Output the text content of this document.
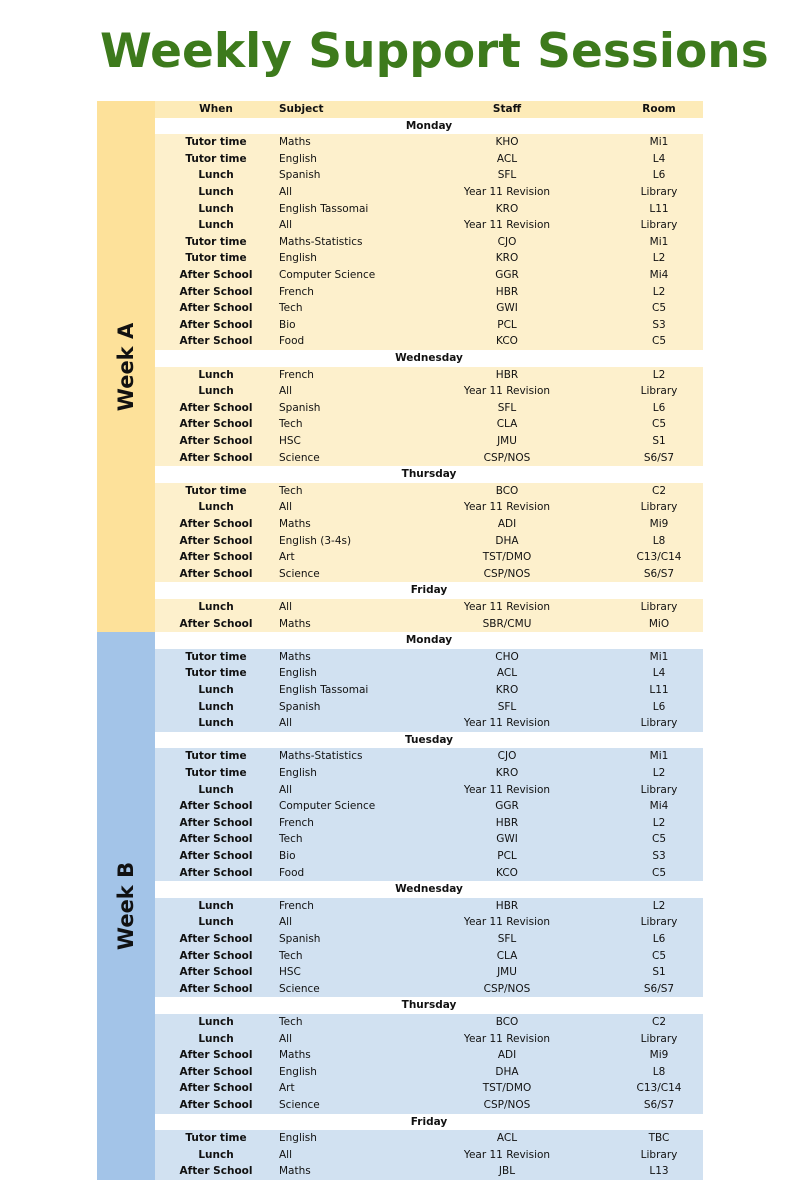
Weekly Support Sessions
When	Subject	Staff	Room
Monday
Tutor time	Maths	KHO	Mi1
Tutor time	English	ACL	L4
Lunch	Spanish	SFL	L6
Lunch	All	Year 11 Revision	Library
Lunch	English Tassomai	KRO	L11
Lunch	All	Year 11 Revision	Library
Tutor time	Maths-Statistics	CJO	Mi1
Tutor time	English	KRO	L2
After School	Computer Science	GGR	Mi4
After School	French	HBR	L2
After School	Tech	GWI	C5
After School	Bio	PCL	S3
After School	Food	KCO	C5
Wednesday
Lunch	French	HBR	L2
Lunch	All	Year 11 Revision	Library
After School	Spanish	SFL	L6
After School	Tech	CLA	C5
After School	HSC	JMU	S1
After School	Science	CSP/NOS	S6/S7
Thursday
Tutor time	Tech	BCO	C2
Lunch	All	Year 11 Revision	Library
After School	Maths	ADI	Mi9
After School	English (3-4s)	DHA	L8
After School	Art	TST/DMO	C13/C14
After School	Science	CSP/NOS	S6/S7
Friday
Lunch	All	Year 11 Revision	Library
After School	Maths	SBR/CMU	MiO
Week A
Monday
Tutor time	Maths	CHO	Mi1
Tutor time	English	ACL	L4
Lunch	English Tassomai	KRO	L11
Lunch	Spanish	SFL	L6
Lunch	All	Year 11 Revision	Library
Tuesday
Tutor time	Maths-Statistics	CJO	Mi1
Tutor time	English	KRO	L2
Lunch	All	Year 11 Revision	Library
After School	Computer Science	GGR	Mi4
After School	French	HBR	L2
After School	Tech	GWI	C5
After School	Bio	PCL	S3
After School	Food	KCO	C5
Wednesday
Lunch	French	HBR	L2
Lunch	All	Year 11 Revision	Library
After School	Spanish	SFL	L6
After School	Tech	CLA	C5
After School	HSC	JMU	S1
After School	Science	CSP/NOS	S6/S7
Thursday
Lunch	Tech	BCO	C2
Lunch	All	Year 11 Revision	Library
After School	Maths	ADI	Mi9
After School	English	DHA	L8
After School	Art	TST/DMO	C13/C14
After School	Science	CSP/NOS	S6/S7
Friday
Tutor time	English	ACL	TBC
Lunch	All	Year 11 Revision	Library
After School	Maths	JBL	L13
Week B
